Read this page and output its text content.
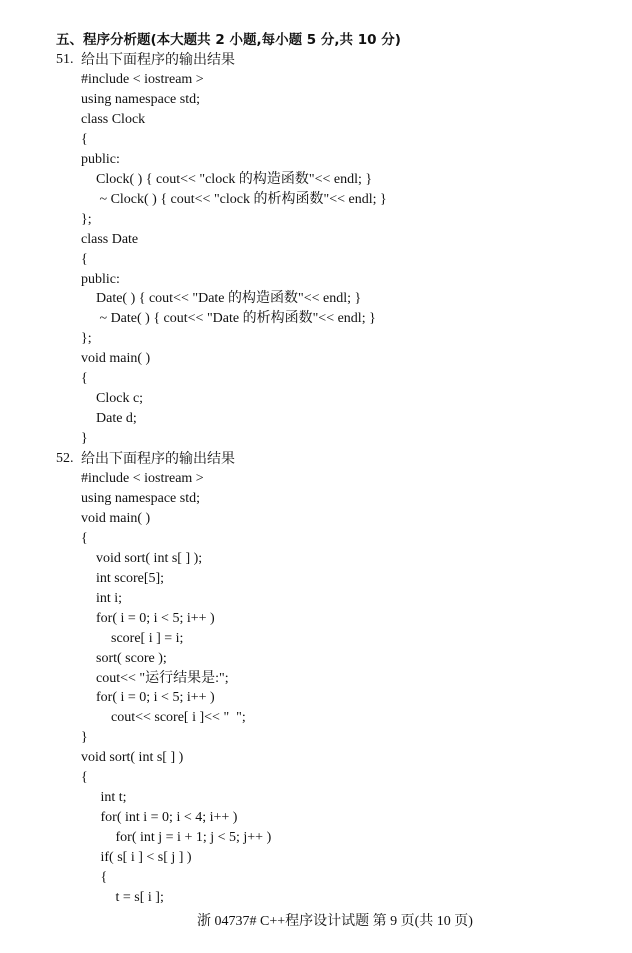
五、程序分析题(本大题共 2 小题,每小题 5 分,共 10 分)
51. 给出下面程序的输出结果
#include < iostream >
using namespace std;
class Clock
{
public:
Clock( ) { cout<< "clock 的构造函数"<< endl; }
~ Clock( ) { cout<< "clock 的析构函数"<< endl; }
};
class Date
{
public:
Date( ) { cout<< "Date 的构造函数"<< endl; }
~ Date( ) { cout<< "Date 的析构函数"<< endl; }
};
void main( )
{
Clock c;
Date d;
}
52. 给出下面程序的输出结果
#include < iostream >
using namespace std;
void main( )
{
void sort( int s[ ] );
int score[5];
int i;
for( i = 0; i < 5; i++ )
score[ i ] = i;
sort( score );
cout<< "运行结果是:";
for( i = 0; i < 5; i++ )
cout<< score[ i ]<< "  ";
}
void sort( int s[ ] )
{
int t;
for( int i = 0; i < 4; i++ )
for( int j = i + 1; j < 5; j++ )
if( s[ i ] < s[ j ] )
{
t = s[ i ];
浙 04737# C++程序设计试题 第 9 页(共 10 页)
